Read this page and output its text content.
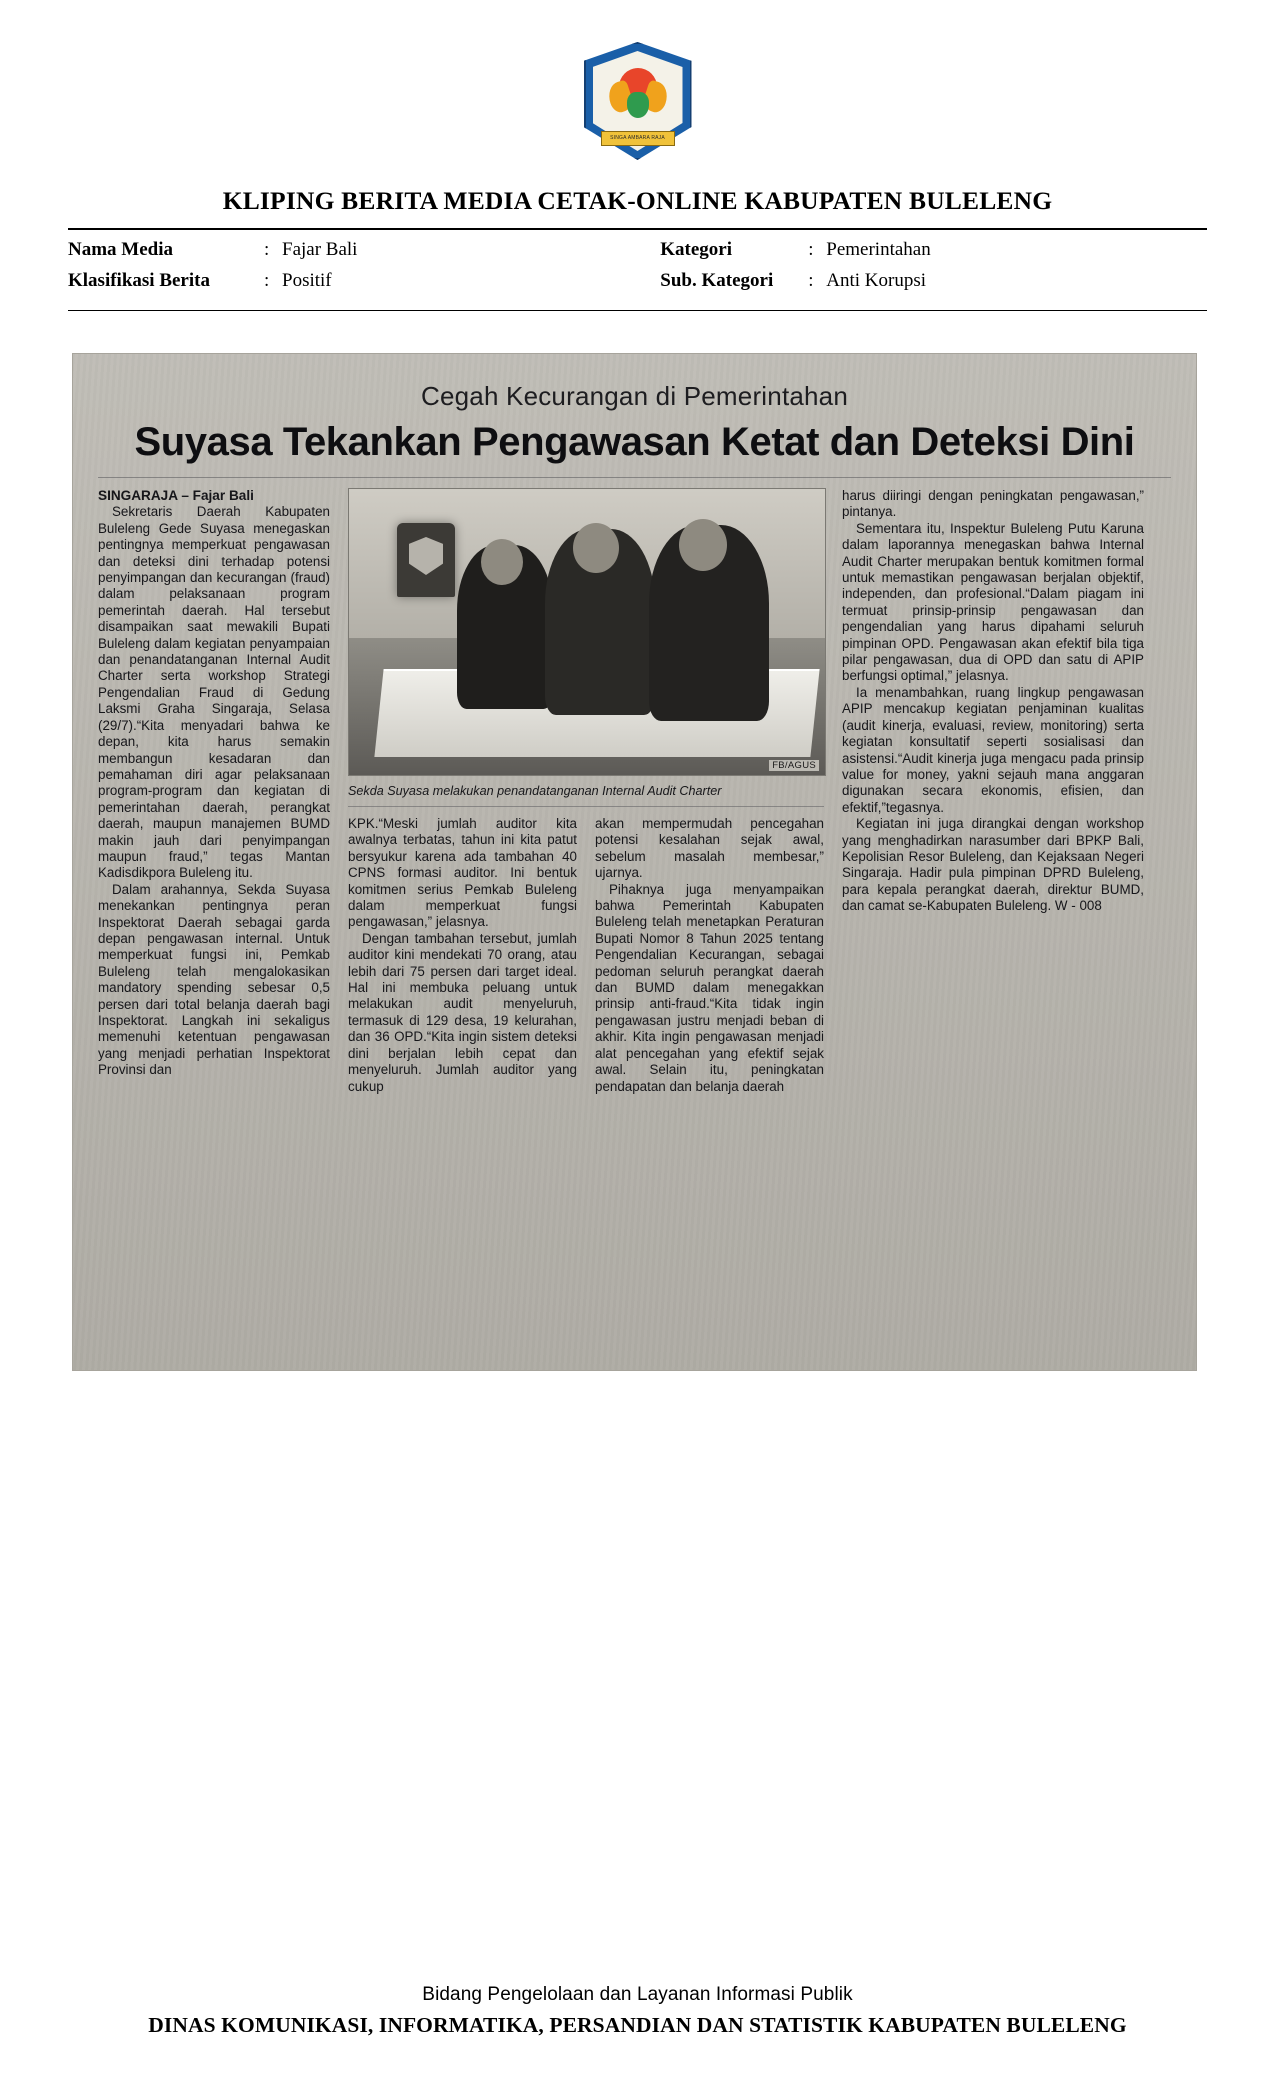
SINGA AMBARA RAJA
KLIPING BERITA MEDIA CETAK-ONLINE KABUPATEN BULELENG
Nama Media	: Fajar Bali
Klasifikasi Berita	: Positif
Kategori	: Pemerintahan
Sub. Kategori	: Anti Korupsi
Cegah Kecurangan di Pemerintahan
Suyasa Tekankan Pengawasan Ketat dan Deteksi Dini

SINGARAJA – Fajar Bali

Sekretaris Daerah Kabupaten Buleleng Gede Suyasa menegaskan pentingnya memperkuat pengawasan dan deteksi dini terhadap potensi penyimpangan dan kecurangan (fraud) dalam pelaksanaan program pemerintah daerah. Hal tersebut disampaikan saat mewakili Bupati Buleleng dalam kegiatan penyampaian dan penandatanganan Internal Audit Charter serta workshop Strategi Pengendalian Fraud di Gedung Laksmi Graha Singaraja, Selasa (29/7).“Kita menyadari bahwa ke depan, kita harus semakin membangun kesadaran dan pemahaman diri agar pelaksanaan program-program dan kegiatan di pemerintahan daerah, perangkat daerah, maupun manajemen BUMD makin jauh dari penyimpangan maupun fraud,” tegas Mantan Kadisdikpora Buleleng itu.

Dalam arahannya, Sekda Suyasa menekankan pentingnya peran Inspektorat Daerah sebagai garda depan pengawasan internal. Untuk memperkuat fungsi ini, Pemkab Buleleng telah mengalokasikan mandatory spending sebesar 0,5 persen dari total belanja daerah bagi Inspektorat. Langkah ini sekaligus memenuhi ketentuan pengawasan yang menjadi perhatian Inspektorat Provinsi dan

FB/AGUS
Sekda Suyasa melakukan penandatanganan Internal Audit Charter

KPK.“Meski jumlah auditor kita awalnya terbatas, tahun ini kita patut bersyukur karena ada tambahan 40 CPNS formasi auditor. Ini bentuk komitmen serius Pemkab Buleleng dalam memperkuat fungsi pengawasan,” jelasnya.

Dengan tambahan tersebut, jumlah auditor kini mendekati 70 orang, atau lebih dari 75 persen dari target ideal. Hal ini membuka peluang untuk melakukan audit menyeluruh, termasuk di 129 desa, 19 kelurahan, dan 36 OPD.“Kita ingin sistem deteksi dini berjalan lebih cepat dan menyeluruh. Jumlah auditor yang cukup

akan mempermudah pencegahan potensi kesalahan sejak awal, sebelum masalah membesar,” ujarnya.

Pihaknya juga menyampaikan bahwa Pemerintah Kabupaten Buleleng telah menetapkan Peraturan Bupati Nomor 8 Tahun 2025 tentang Pengendalian Kecurangan, sebagai pedoman seluruh perangkat daerah dan BUMD dalam menegakkan prinsip anti-fraud.“Kita tidak ingin pengawasan justru menjadi beban di akhir. Kita ingin pengawasan menjadi alat pencegahan yang efektif sejak awal. Selain itu, peningkatan pendapatan dan belanja daerah

harus diiringi dengan peningkatan pengawasan,” pintanya.

Sementara itu, Inspektur Buleleng Putu Karuna dalam laporannya menegaskan bahwa Internal Audit Charter merupakan bentuk komitmen formal untuk memastikan pengawasan berjalan objektif, independen, dan profesional.“Dalam piagam ini termuat prinsip-prinsip pengawasan dan pengendalian yang harus dipahami seluruh pimpinan OPD. Pengawasan akan efektif bila tiga pilar pengawasan, dua di OPD dan satu di APIP berfungsi optimal,” jelasnya.

Ia menambahkan, ruang lingkup pengawasan APIP mencakup kegiatan penjaminan kualitas (audit kinerja, evaluasi, review, monitoring) serta kegiatan konsultatif seperti sosialisasi dan asistensi.“Audit kinerja juga mengacu pada prinsip value for money, yakni sejauh mana anggaran digunakan secara ekonomis, efisien, dan efektif,”tegasnya.

Kegiatan ini juga dirangkai dengan workshop yang menghadirkan narasumber dari BPKP Bali, Kepolisian Resor Buleleng, dan Kejaksaan Negeri Singaraja. Hadir pula pimpinan DPRD Buleleng, para kepala perangkat daerah, direktur BUMD, dan camat se-Kabupaten Buleleng. W - 008

Bidang Pengelolaan dan Layanan Informasi Publik
DINAS KOMUNIKASI, INFORMATIKA, PERSANDIAN DAN STATISTIK KABUPATEN BULELENG
